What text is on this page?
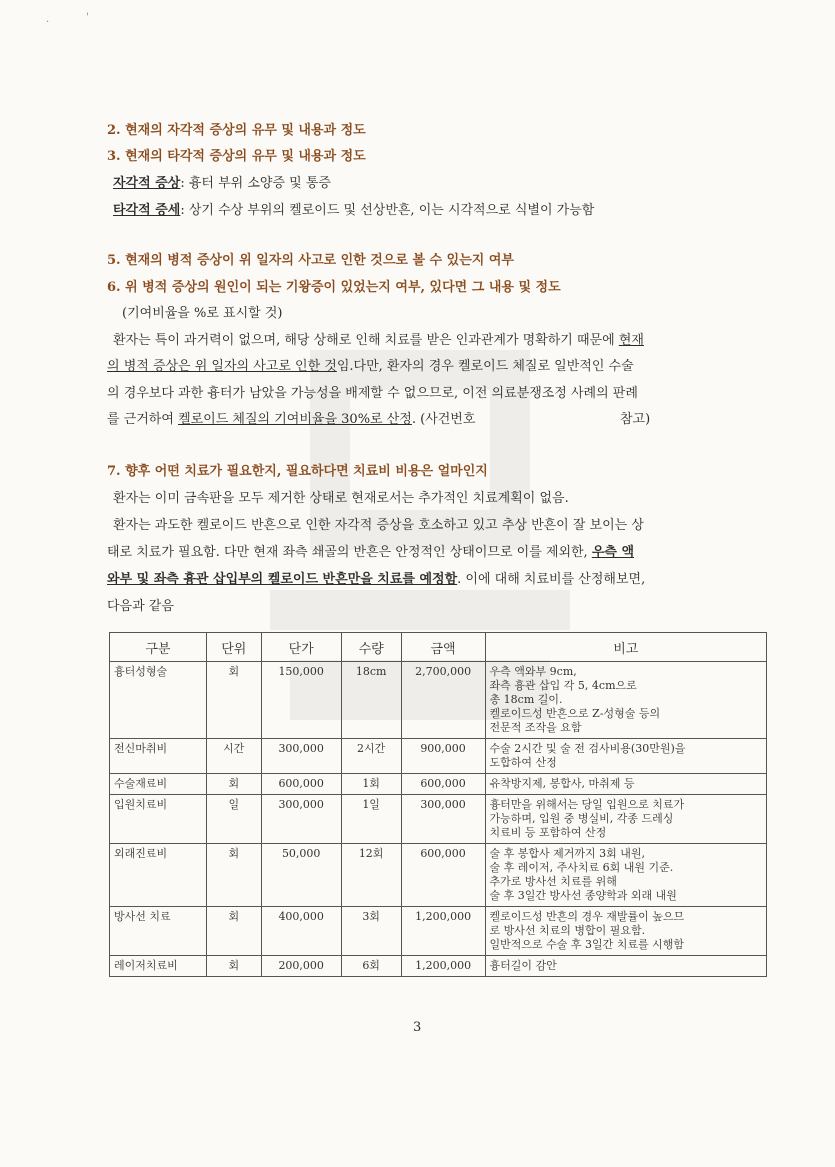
.	'
2. 현재의 자각적 증상의 유무 및 내용과 정도
3. 현재의 타각적 증상의 유무 및 내용과 정도
자각적 증상: 흉터 부위 소양증 및 통증
타각적 증세: 상기 수상 부위의 켈로이드 및 선상반흔, 이는 시각적으로 식별이 가능함
5. 현재의 병적 증상이 위 일자의 사고로 인한 것으로 볼 수 있는지 여부
6. 위 병적 증상의 원인이 되는 기왕증이 있었는지 여부, 있다면 그 내용 및 정도
(기여비율을 %로 표시할 것)
환자는 특이 과거력이 없으며, 해당 상해로 인해 치료를 받은 인과관계가 명확하기 때문에 현재
의 병적 증상은 위 일자의 사고로 인한 것임.다만, 환자의 경우 켈로이드 체질로 일반적인 수술
의 경우보다 과한 흉터가 남았을 가능성을 배제할 수 없으므로, 이전 의료분쟁조정 사례의 판례
를 근거하여 켈로이드 체질의 기여비율을 30%로 산정. (사건번호	참고)
7. 향후 어떤 치료가 필요한지, 필요하다면 치료비 비용은 얼마인지
환자는 이미 금속판을 모두 제거한 상태로 현재로서는 추가적인 치료계획이 없음.
환자는 과도한 켈로이드 반흔으로 인한 자각적 증상을 호소하고 있고 추상 반흔이 잘 보이는 상
태로 치료가 필요함. 다만 현재 좌측 쇄골의 반흔은 안정적인 상태이므로 이를 제외한, 우측 액
와부 및 좌측 흉관 삽입부의 켈로이드 반흔만을 치료를 예정함. 이에 대해 치료비를 산정해보면,
다음과 같음
구분	단위	단가	수량	금액	비고
흉터성형술	회	150,000	18cm	2,700,000	우측 액와부 9cm,
좌측 흉관 삽입 각 5, 4cm으로
총 18cm 길이.
켈로이드성 반흔으로 Z-성형술 등의
전문적 조작을 요함

전신마취비	시간	300,000	2시간	900,000	수술 2시간 및 술 전 검사비용(30만원)을
도합하여 산정

수술재료비	회	600,000	1회	600,000	유착방지제, 봉합사, 마취제 등

입원치료비	일	300,000	1일	300,000	흉터만을 위해서는 당일 입원으로 치료가
가능하며, 입원 중 병실비, 각종 드레싱
치료비 등 포함하여 산정

외래진료비	회	50,000	12회	600,000	술 후 봉합사 제거까지 3회 내원,
술 후 레이저, 주사치료 6회 내원 기준.
추가로 방사선 치료를 위해
술 후 3일간 방사선 종양학과 외래 내원

방사선 치료	회	400,000	3회	1,200,000	켈로이드성 반흔의 경우 재발률이 높으므
로 방사선 치료의 병합이 필요함.
일반적으로 수술 후 3일간 치료를 시행함

레이저치료비	회	200,000	6회	1,200,000	흉터길이 감안
3
